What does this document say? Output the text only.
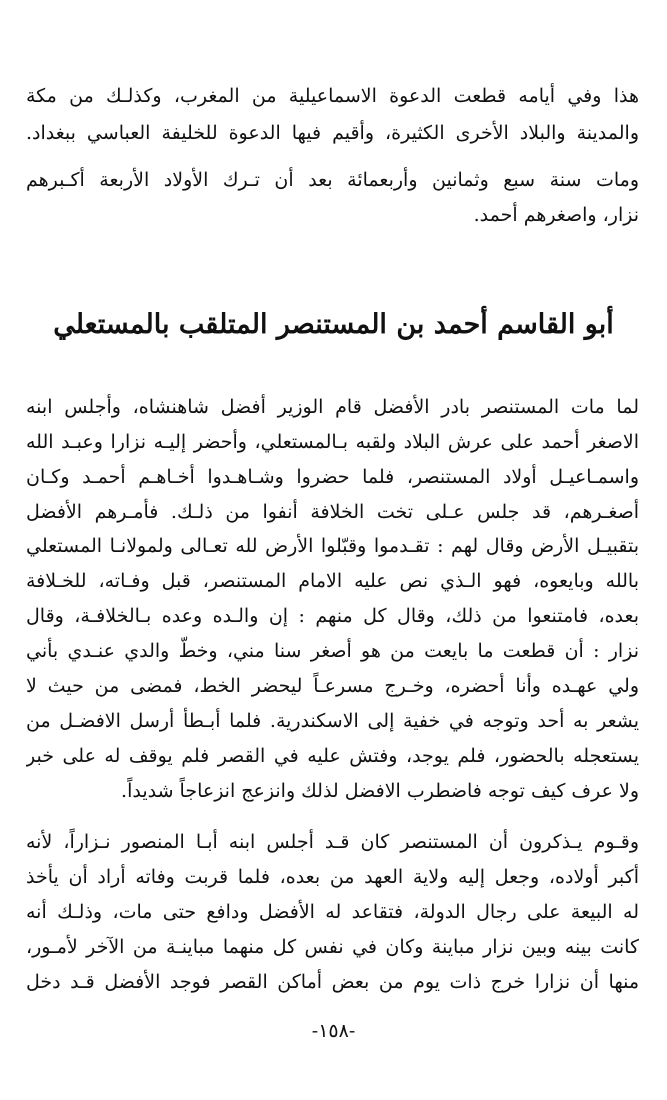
هذا وفي أيامه قطعت الدعوة الاسماعيلية من المغرب، وكذلـك من مكة
والمدينة والبلاد الأخرى الكثيرة، وأقيم فيها الدعوة للخليفة العباسي ببغداد.
ومات سنة سبع وثمانين وأربعمائة بعد أن تـرك الأولاد الأربعة أكـبرهم
نزار، واصغرهم أحمد.
أبو القاسم أحمد بن المستنصر المتلقب بالمستعلي
لما مات المستنصر بادر الأفضل قام الوزير أفضل شاهنشاه، وأجلس ابنه
الاصغر أحمد على عرش البلاد ولقبه بـالمستعلي، وأحضر إليـه نزارا وعبـد الله
واسمـاعيـل أولاد المستنصر، فلما حضروا وشـاهـدوا أخـاهـم أحمـد وكـان
أصغـرهم، قد جلس عـلى تخت الخلافة أنفوا من ذلـك. فأمـرهم الأفضل
بتقبيـل الأرض وقال لهم : تقـدموا وقبّلوا الأرض لله تعـالى ولمولانـا المستعلي
بالله وبايعوه، فهو الـذي نص عليه الامام المستنصر، قبل وفـاته، للخـلافة
بعده، فامتنعوا من ذلك، وقال كل منهم : إن والـده وعده بـالخلافـة، وقال
نزار : أن قطعت ما بايعت من هو أصغر سنا مني، وخطّ والدي عنـدي بأني
ولي عهـده وأنا أحضره، وخـرج مسرعـاً ليحضر الخط، فمضى من حيث لا
يشعر به أحد وتوجه في خفية إلى الاسكندرية. فلما أبـطأ أرسل الافضـل من
يستعجله بالحضور، فلم يوجد، وفتش عليه في القصر فلم يوقف له على خبر
ولا عرف كيف توجه فاضطرب الافضل لذلك وانزعج انزعاجاً شديداً.
وقـوم يـذكرون أن المستنصر كان قـد أجلس ابنه أبـا المنصور نـزاراً، لأنه
أكبر أولاده، وجعل إليه ولاية العهد من بعده، فلما قربت وفاته أراد أن يأخذ
له البيعة على رجال الدولة، فتقاعد له الأفضل ودافع حتى مات، وذلـك أنه
كانت بينه وبين نزار مباينة وكان في نفس كل منهما مباينـة من الآخر لأمـور،
منها أن نزارا خرج ذات يوم من بعض أماكن القصر فوجد الأفضل قـد دخل
-١٥٨-
